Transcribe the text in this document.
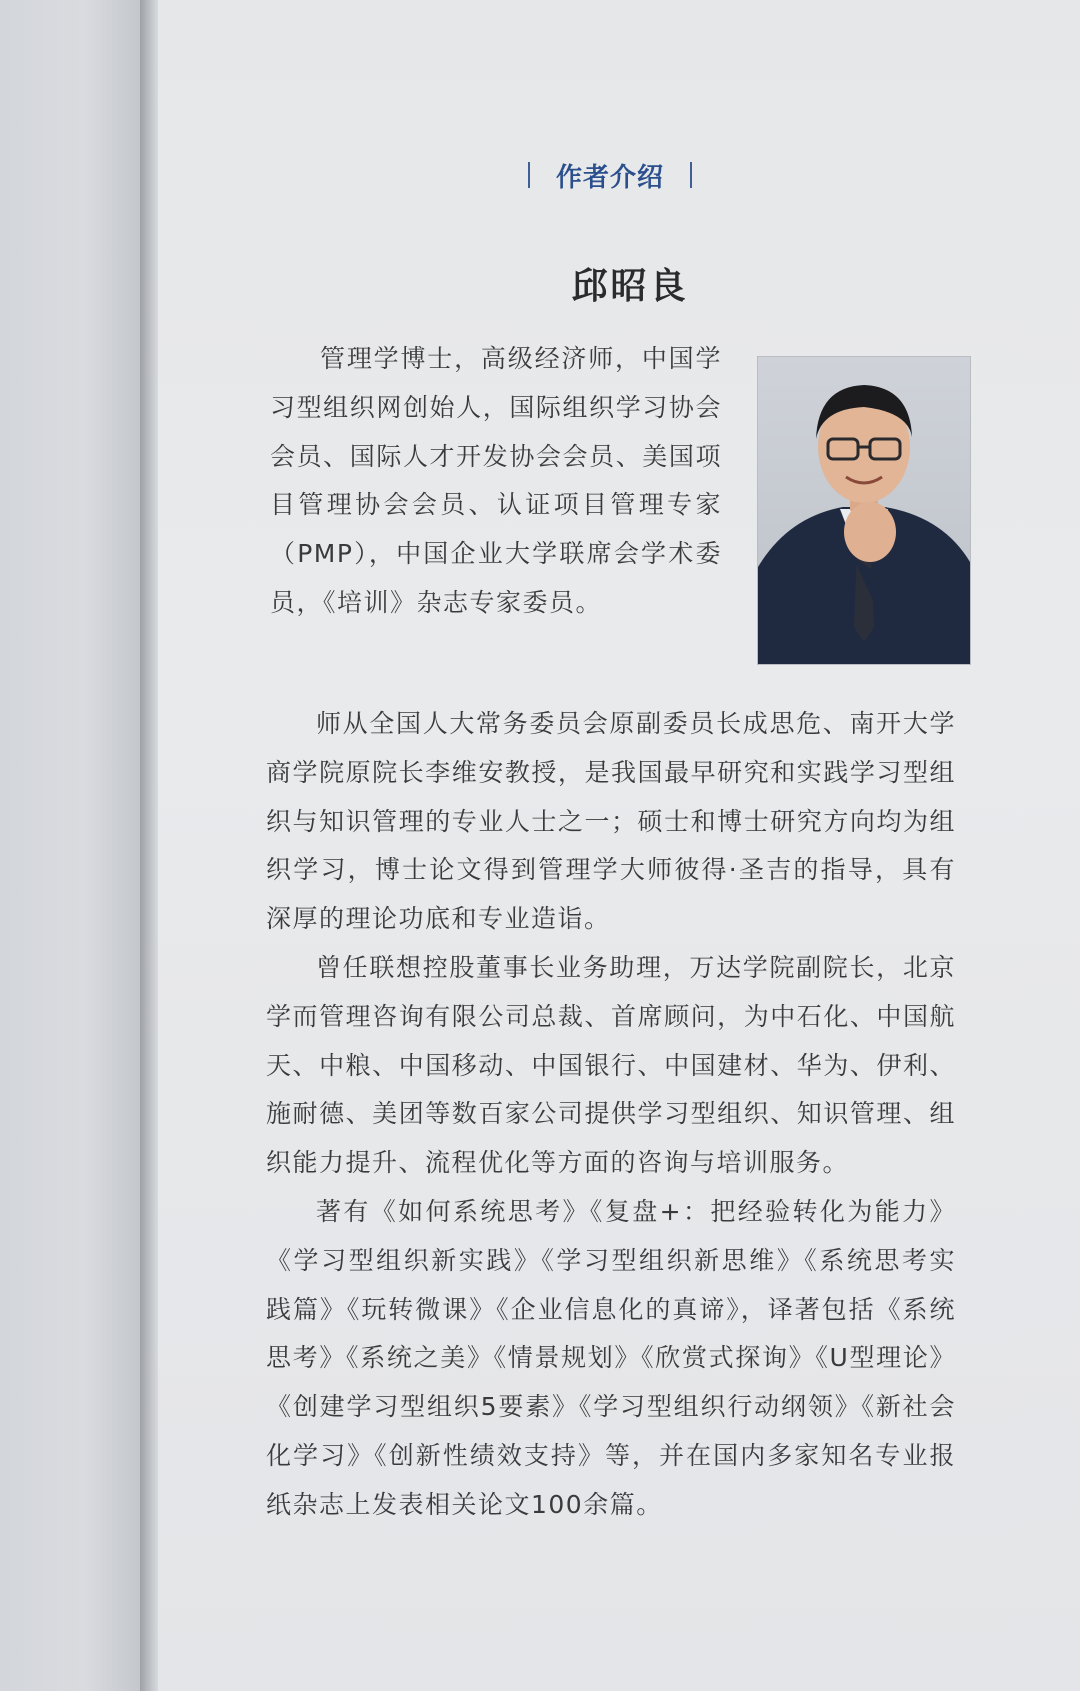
作者介绍
邱昭良
管理学博士，高级经济师，中国学习型组织网创始人，国际组织学习协会会员、国际人才开发协会会员、美国项目管理协会会员、认证项目管理专家（PMP），中国企业大学联席会学术委员，《培训》杂志专家委员。

师从全国人大常务委员会原副委员长成思危、南开大学商学院原院长李维安教授，是我国最早研究和实践学习型组织与知识管理的专业人士之一；硕士和博士研究方向均为组织学习，博士论文得到管理学大师彼得·圣吉的指导，具有深厚的理论功底和专业造诣。

曾任联想控股董事长业务助理，万达学院副院长，北京学而管理咨询有限公司总裁、首席顾问，为中石化、中国航天、中粮、中国移动、中国银行、中国建材、华为、伊利、施耐德、美团等数百家公司提供学习型组织、知识管理、组织能力提升、流程优化等方面的咨询与培训服务。

著有《如何系统思考》《复盘+：把经验转化为能力》《学习型组织新实践》《学习型组织新思维》《系统思考实践篇》《玩转微课》《企业信息化的真谛》，译著包括《系统思考》《系统之美》《情景规划》《欣赏式探询》《U型理论》《创建学习型组织5要素》《学习型组织行动纲领》《新社会化学习》《创新性绩效支持》等，并在国内多家知名专业报纸杂志上发表相关论文100余篇。
